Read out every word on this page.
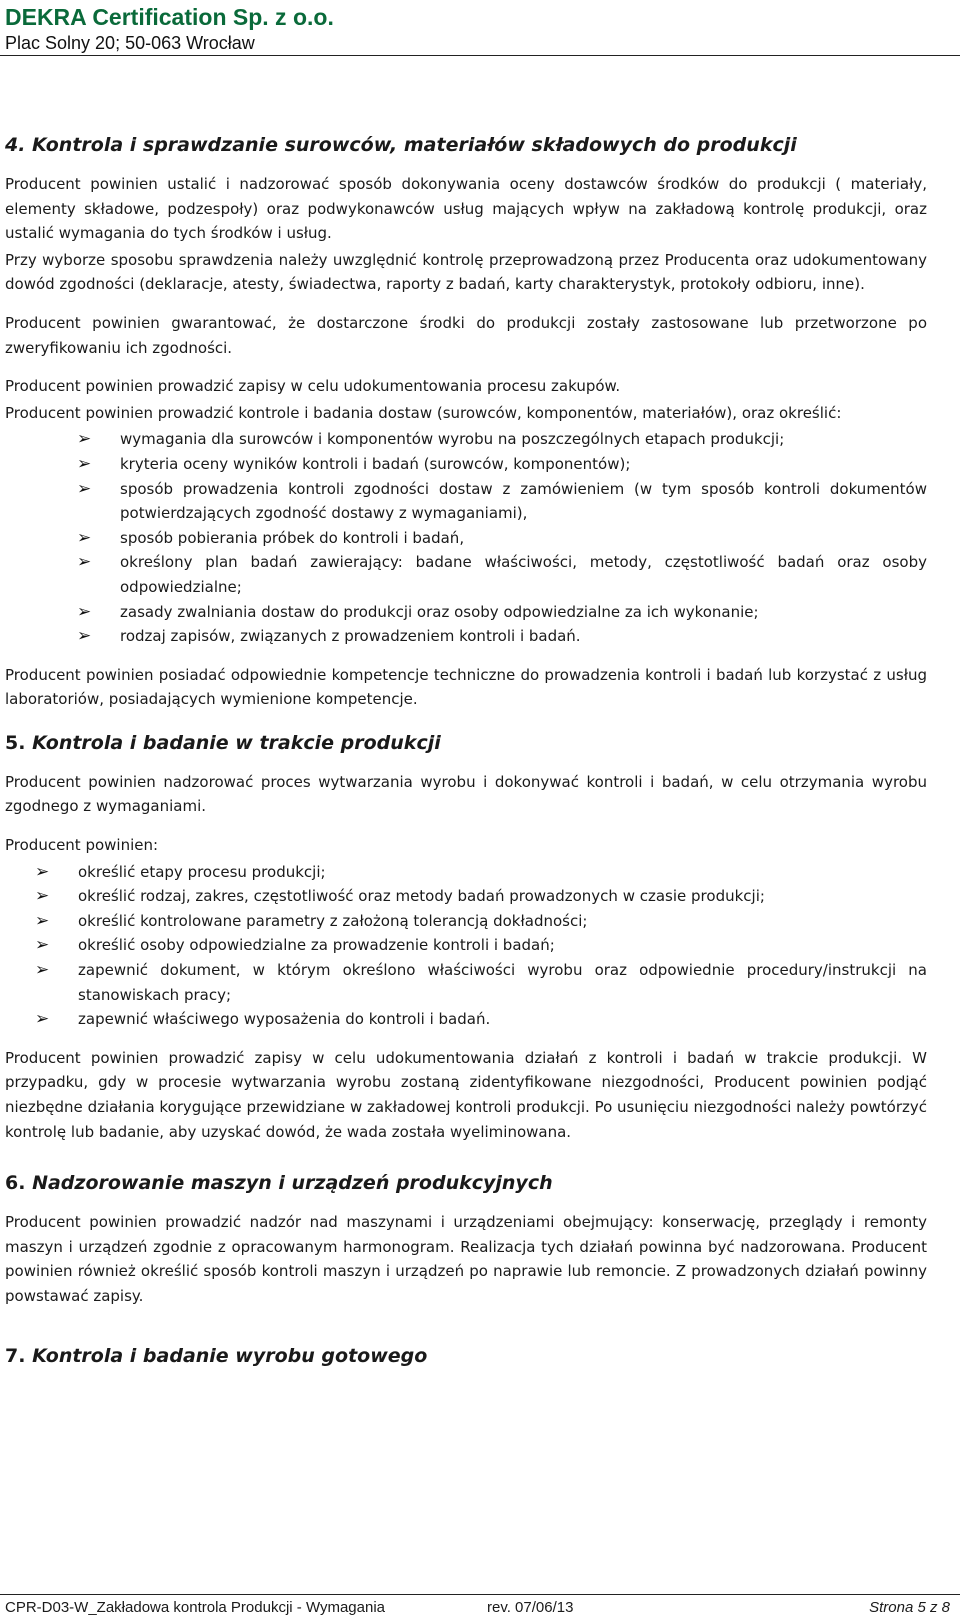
DEKRA Certification Sp. z o.o.
Plac Solny 20; 50-063 Wrocław
4. Kontrola i sprawdzanie surowców, materiałów składowych do produkcji

Producent powinien ustalić i nadzorować sposób dokonywania oceny dostawców środków do produkcji ( materiały, elementy składowe, podzespoły) oraz podwykonawców usług mających wpływ na zakładową kontrolę produkcji, oraz ustalić wymagania do tych środków i usług.

Przy wyborze sposobu sprawdzenia należy uwzględnić kontrolę przeprowadzoną przez Producenta oraz udokumentowany dowód zgodności (deklaracje, atesty, świadectwa, raporty z badań, karty charakterystyk, protokoły odbioru, inne).

Producent powinien gwarantować, że dostarczone środki do produkcji zostały zastosowane lub przetworzone po zweryfikowaniu ich zgodności.

Producent powinien prowadzić zapisy w celu udokumentowania procesu zakupów.

Producent powinien prowadzić kontrole i badania dostaw (surowców, komponentów, materiałów), oraz określić:

➢ wymagania dla surowców i komponentów wyrobu na poszczególnych etapach produkcji;
➢ kryteria oceny wyników kontroli i badań (surowców, komponentów);
➢ sposób prowadzenia kontroli zgodności dostaw z zamówieniem (w tym sposób kontroli dokumentów potwierdzających zgodność dostawy z wymaganiami),
➢ sposób pobierania próbek do kontroli i badań,
➢ określony plan badań zawierający: badane właściwości, metody, częstotliwość badań oraz osoby odpowiedzialne;
➢ zasady zwalniania dostaw do produkcji oraz osoby odpowiedzialne za ich wykonanie;
➢ rodzaj zapisów, związanych z prowadzeniem kontroli i badań.

Producent powinien posiadać odpowiednie kompetencje techniczne do prowadzenia kontroli i badań lub korzystać z usług laboratoriów, posiadających wymienione kompetencje.

5. Kontrola i badanie w trakcie produkcji

Producent powinien nadzorować proces wytwarzania wyrobu i dokonywać kontroli i badań, w celu otrzymania wyrobu zgodnego z wymaganiami.

Producent powinien:

➢ określić etapy procesu produkcji;
➢ określić rodzaj, zakres, częstotliwość oraz metody badań prowadzonych w czasie produkcji;
➢ określić kontrolowane parametry z założoną tolerancją dokładności;
➢ określić osoby odpowiedzialne za prowadzenie kontroli i badań;
➢ zapewnić dokument, w którym określono właściwości wyrobu oraz odpowiednie procedury/instrukcji na stanowiskach pracy;
➢ zapewnić właściwego wyposażenia do kontroli i badań.

Producent powinien prowadzić zapisy w celu udokumentowania działań z kontroli i badań w trakcie produkcji. W przypadku, gdy w procesie wytwarzania wyrobu zostaną zidentyfikowane niezgodności, Producent powinien podjąć niezbędne działania korygujące przewidziane w zakładowej kontroli produkcji. Po usunięciu niezgodności należy powtórzyć kontrolę lub badanie, aby uzyskać dowód, że wada została wyeliminowana.

6. Nadzorowanie maszyn i urządzeń produkcyjnych

Producent powinien prowadzić nadzór nad maszynami i urządzeniami obejmujący: konserwację, przeglądy i remonty maszyn i urządzeń zgodnie z opracowanym harmonogram. Realizacja tych działań powinna być nadzorowana. Producent powinien również określić sposób kontroli maszyn i urządzeń po naprawie lub remoncie. Z prowadzonych działań powinny powstawać zapisy.

7. Kontrola i badanie wyrobu gotowego
CPR-D03-W_Zakładowa kontrola Produkcji - Wymagania	rev. 07/06/13	Strona 5 z 8
